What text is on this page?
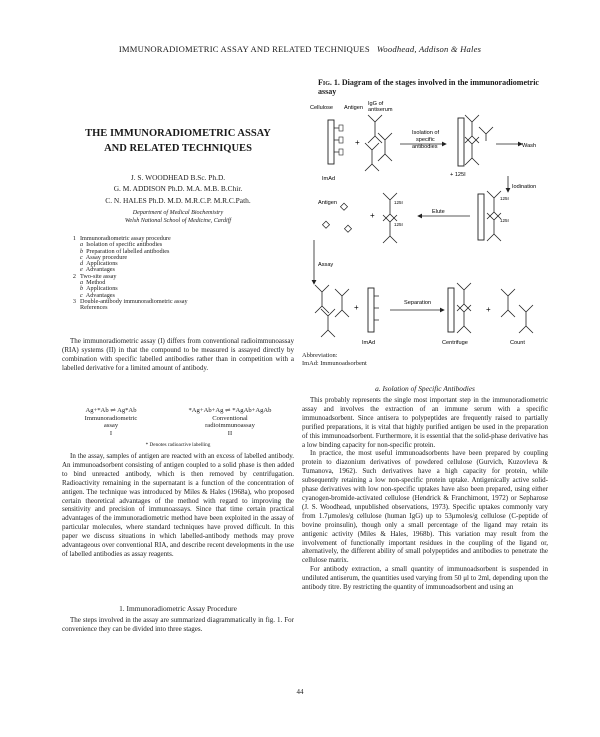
IMMUNORADIOMETRIC ASSAY AND RELATED TECHNIQUES Woodhead, Addison & Hales
THE IMMUNORADIOMETRIC ASSAY
AND RELATED TECHNIQUES
J. S. WOODHEAD B.Sc. Ph.D.
G. M. ADDISON Ph.D. M.A. M.B. B.Chir.
C. N. HALES Ph.D. M.D. M.R.C.P. M.R.C.Path.
Department of Medical Biochemistry
Welsh National School of Medicine, Cardiff
1 Immunoradiometric assay procedure
a Isolation of specific antibodies
b Preparation of labelled antibodies
c Assay procedure
d Applications
e Advantages
2 Two-site assay
a Method
b Applications
c Advantages
3 Double-antibody immunoradiometric assay
References

The immunoradiometric assay (I) differs from conventional radioimmunoassay (RIA) systems (II) in that the compound to be measured is assayed directly by combination with specific labelled antibodies rather than in competition with a labelled derivative for a limited amount of antibody.

Ag+*Ab ⇌ Ag*Ab
Immunoradiometric
assay
I
*Ag+Ab+Ag ⇌ *AgAb+AgAb
Conventional
radioimmunoassay
II
* Denotes radioactive labelling

In the assay, samples of antigen are reacted with an excess of labelled antibody. An immunoadsorbent consisting of antigen coupled to a solid phase is then added to bind unreacted antibody, which is then removed by centrifugation. Radioactivity remaining in the supernatant is a function of the concentration of antigen. The technique was introduced by Miles & Hales (1968a), who proposed certain theoretical advantages of the method with regard to improving the sensitivity and precision of immunoassays. Since that time certain practical advantages of the immunoradiometric method have been exploited in the assay of particular molecules, where standard techniques have proved difficult. In this paper we discuss situations in which labelled-antibody methods may prove advantageous over conventional RIA, and describe recent developments in the use of labelled antibodies as assay reagents.

1. Immunoradiometric Assay Procedure

The steps involved in the assay are summarized diagrammatically in fig. 1. For convenience they can be divided into three stages.

Fig. 1. Diagram of the stages involved in the immunoradiometric assay
Cellulose Antigen
IgG of
antiserum
+
ImAd
Isolation of
specific
antibodies	Wash
+ 125I
Iodination
125I
125I
Elute
125I
125I
+
Antigen
Assay
+
ImAd
Separation
Centrifuge
+
Count
Abbreviation:
ImAd: Immunoadsorbent
a. Isolation of Specific Antibodies

This probably represents the single most important step in the immunoradiometric assay and involves the extraction of an immune serum with a specific immunoadsorbent. Since antisera to polypeptides are frequently raised to partially purified preparations, it is vital that highly purified antigen be used in the preparation of this immunoadsorbent. Furthermore, it is essential that the solid-phase derivative has a low binding capacity for non-specific protein.

In practice, the most useful immunoadsorbents have been prepared by coupling protein to diazonium derivatives of powdered cellulose (Gurvich, Kuzovleva & Tumanova, 1962). Such derivatives have a high capacity for protein, while subsequently retaining a low non-specific protein uptake. Antigenically active solid-phase derivatives with low non-specific uptakes have also been prepared, using either cyanogen-bromide-activated cellulose (Hendrick & Franchimont, 1972) or Sepharose (J. S. Woodhead, unpublished observations, 1973). Specific uptakes commonly vary from 1.7μmoles/g cellulose (human IgG) up to 53μmoles/g cellulose (C-peptide of bovine proinsulin), though only a small percentage of the ligand may retain its antigenic activity (Miles & Hales, 1968b). This variation may result from the involvement of functionally important residues in the coupling of the ligand or, alternatively, the different ability of small polypeptides and antibodies to penetrate the cellulose matrix.

For antibody extraction, a small quantity of immunoadsorbent is suspended in undiluted antiserum, the quantities used varying from 50 μl to 2ml, depending upon the antibody titre. By restricting the quantity of immunoadsorbent and using an

44
